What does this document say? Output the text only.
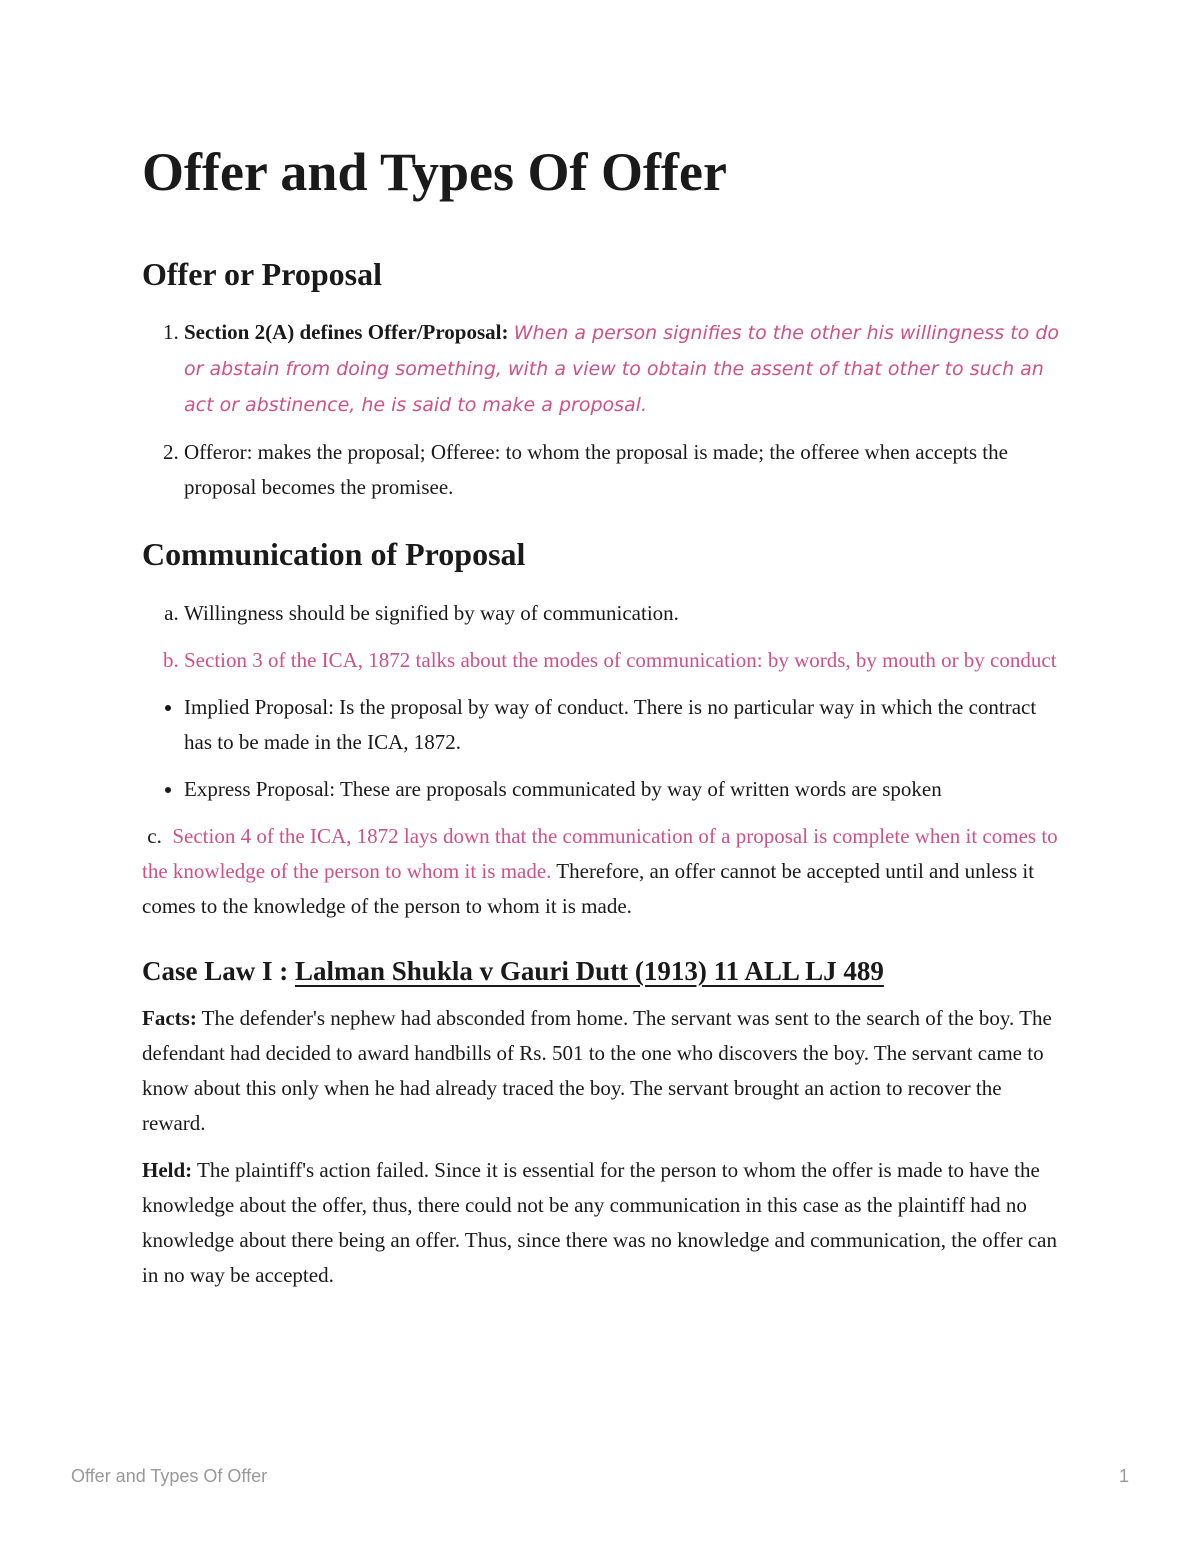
Offer and Types Of Offer
Offer or Proposal
1. Section 2(A) defines Offer/Proposal: When a person signifies to the other his willingness to do or abstain from doing something, with a view to obtain the assent of that other to such an act or abstinence, he is said to make a proposal.
2. Offeror: makes the proposal; Offeree: to whom the proposal is made; the offeree when accepts the proposal becomes the promisee.
Communication of Proposal
a. Willingness should be signified by way of communication.
b. Section 3 of the ICA, 1872 talks about the modes of communication: by words, by mouth or by conduct
• Implied Proposal: Is the proposal by way of conduct. There is no particular way in which the contract has to be made in the ICA, 1872.
• Express Proposal: These are proposals communicated by way of written words are spoken

c. Section 4 of the ICA, 1872 lays down that the communication of a proposal is complete when it comes to the knowledge of the person to whom it is made. Therefore, an offer cannot be accepted until and unless it comes to the knowledge of the person to whom it is made.

Case Law I : Lalman Shukla v Gauri Dutt (1913) 11 ALL LJ 489

Facts: The defender's nephew had absconded from home. The servant was sent to the search of the boy. The defendant had decided to award handbills of Rs. 501 to the one who discovers the boy. The servant came to know about this only when he had already traced the boy. The servant brought an action to recover the reward.

Held: The plaintiff's action failed. Since it is essential for the person to whom the offer is made to have the knowledge about the offer, thus, there could not be any communication in this case as the plaintiff had no knowledge about there being an offer. Thus, since there was no knowledge and communication, the offer can in no way be accepted.

Offer and Types Of Offer	1
